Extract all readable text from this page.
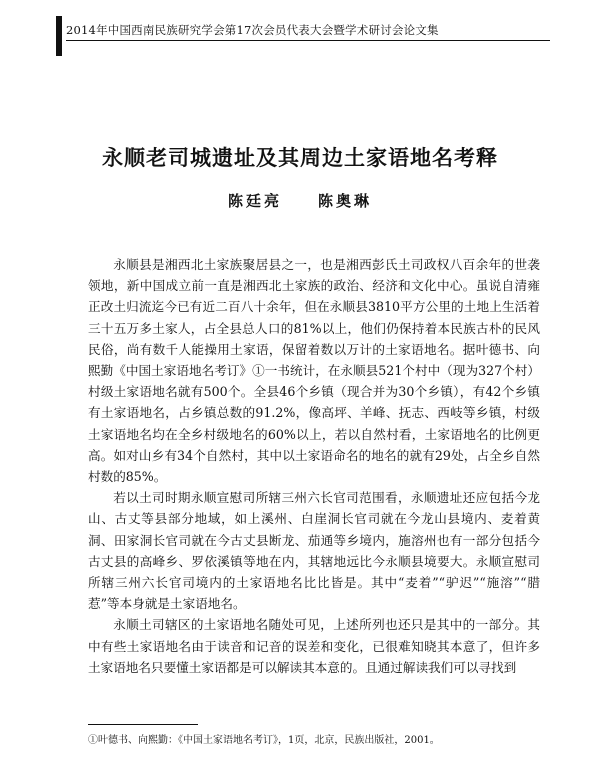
2014年中国西南民族研究学会第17次会员代表大会暨学术研讨会论文集
永顺老司城遗址及其周边土家语地名考释
陈廷亮　　陈奥琳

永顺县是湘西北土家族聚居县之一，也是湘西彭氏土司政权八百余年的世袭领地，新中国成立前一直是湘西北土家族的政治、经济和文化中心。虽说自清雍正改土归流迄今已有近二百八十余年，但在永顺县3810平方公里的土地上生活着三十五万多土家人，占全县总人口的81%以上，他们仍保持着本民族古朴的民风民俗，尚有数千人能操用土家语，保留着数以万计的土家语地名。据叶德书、向熙勤《中国土家语地名考订》①一书统计，在永顺县521个村中（现为327个村）村级土家语地名就有500个。全县46个乡镇（现合并为30个乡镇），有42个乡镇有土家语地名，占乡镇总数的91.2%，像高坪、羊峰、抚志、西岐等乡镇，村级土家语地名均在全乡村级地名的60%以上，若以自然村看，土家语地名的比例更高。如对山乡有34个自然村，其中以土家语命名的地名的就有29处，占全乡自然村数的85%。

若以土司时期永顺宣慰司所辖三州六长官司范围看，永顺遗址还应包括今龙山、古丈等县部分地域，如上溪州、白崖洞长官司就在今龙山县境内、麦着黄洞、田家洞长官司就在今古丈县断龙、茄通等乡境内，施溶州也有一部分包括今古丈县的高峰乡、罗依溪镇等地在内，其辖地远比今永顺县境要大。永顺宣慰司所辖三州六长官司境内的土家语地名比比皆是。其中“麦着”“驴迟”“施溶”“腊惹”等本身就是土家语地名。

永顺土司辖区的土家语地名随处可见，上述所列也还只是其中的一部分。其中有些土家语地名由于读音和记音的误差和变化，已很难知晓其本意了，但许多土家语地名只要懂土家语都是可以解读其本意的。且通过解读我们可以寻找到

①叶德书、向熙勤：《中国土家语地名考订》，1页，北京，民族出版社，2001。
